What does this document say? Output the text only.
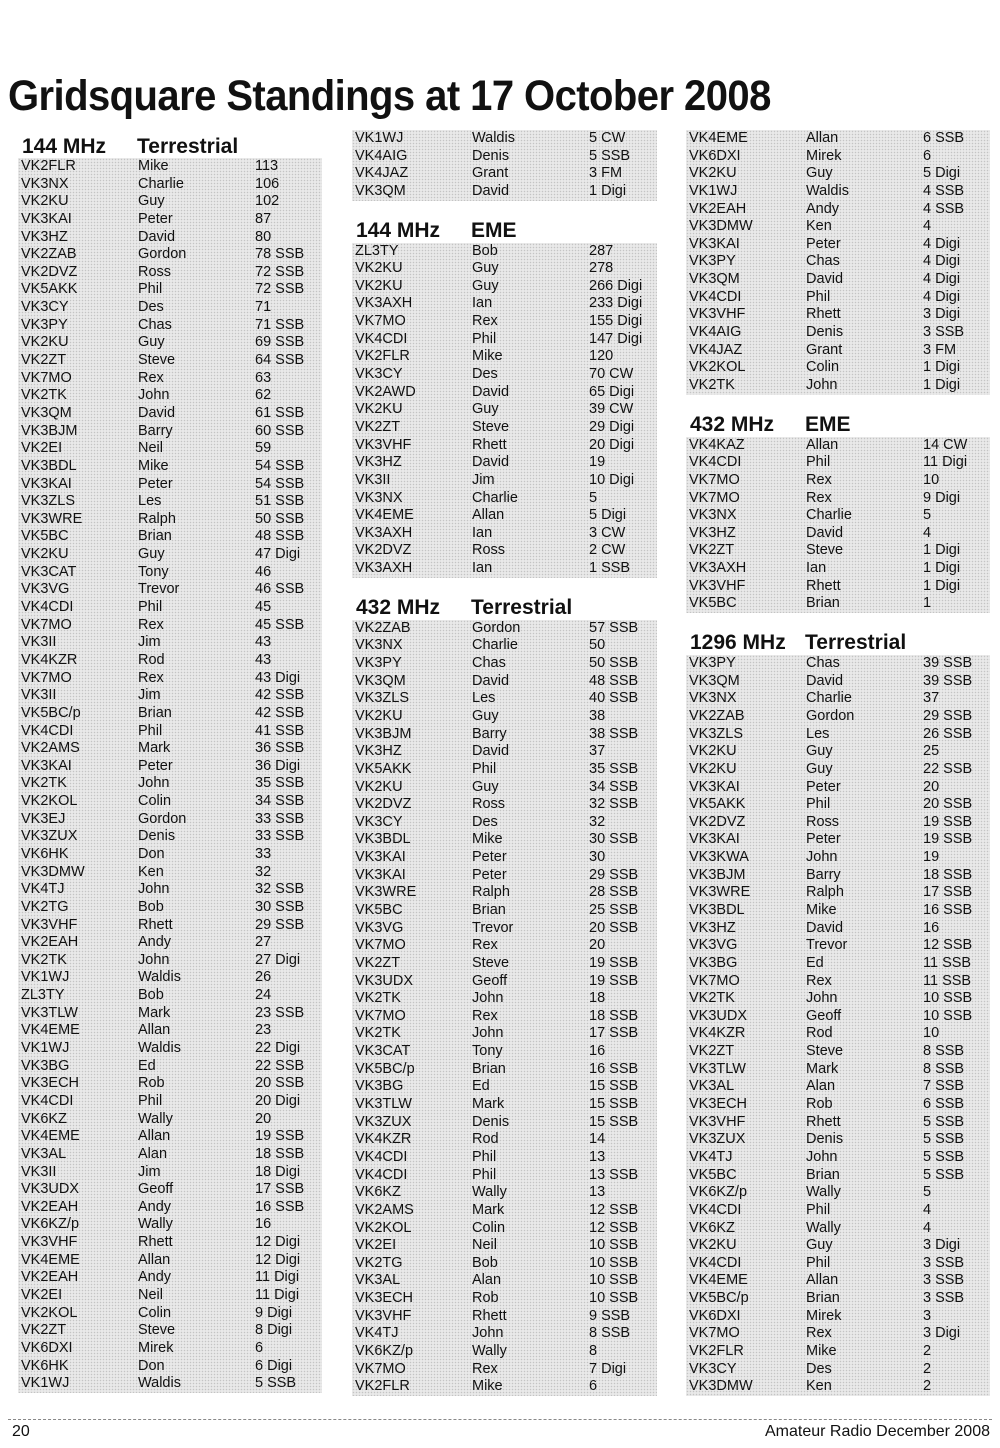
Gridsquare Standings at 17 October 2008
144 MHz Terrestrial
VK2FLR	Mike	113
VK3NX	Charlie	106
VK2KU	Guy	102
VK3KAI	Peter	87
VK3HZ	David	80
VK2ZAB	Gordon	78 SSB
VK2DVZ	Ross	72 SSB
VK5AKK	Phil	72 SSB
VK3CY	Des	71
VK3PY	Chas	71 SSB
VK2KU	Guy	69 SSB
VK2ZT	Steve	64 SSB
VK7MO	Rex	63
VK2TK	John	62
VK3QM	David	61 SSB
VK3BJM	Barry	60 SSB
VK2EI	Neil	59
VK3BDL	Mike	54 SSB
VK3KAI	Peter	54 SSB
VK3ZLS	Les	51 SSB
VK3WRE	Ralph	50 SSB
VK5BC	Brian	48 SSB
VK2KU	Guy	47 Digi
VK3CAT	Tony	46
VK3VG	Trevor	46 SSB
VK4CDI	Phil	45
VK7MO	Rex	45 SSB
VK3II	Jim	43
VK4KZR	Rod	43
VK7MO	Rex	43 Digi
VK3II	Jim	42 SSB
VK5BC/p	Brian	42 SSB
VK4CDI	Phil	41 SSB
VK2AMS	Mark	36 SSB
VK3KAI	Peter	36 Digi
VK2TK	John	35 SSB
VK2KOL	Colin	34 SSB
VK3EJ	Gordon	33 SSB
VK3ZUX	Denis	33 SSB
VK6HK	Don	33
VK3DMW	Ken	32
VK4TJ	John	32 SSB
VK2TG	Bob	30 SSB
VK3VHF	Rhett	29 SSB
VK2EAH	Andy	27
VK2TK	John	27 Digi
VK1WJ	Waldis	26
ZL3TY	Bob	24
VK3TLW	Mark	23 SSB
VK4EME	Allan	23
VK1WJ	Waldis	22 Digi
VK3BG	Ed	22 SSB
VK3ECH	Rob	20 SSB
VK4CDI	Phil	20 Digi
VK6KZ	Wally	20
VK4EME	Allan	19 SSB
VK3AL	Alan	18 SSB
VK3II	Jim	18 Digi
VK3UDX	Geoff	17 SSB
VK2EAH	Andy	16 SSB
VK6KZ/p	Wally	16
VK3VHF	Rhett	12 Digi
VK4EME	Allan	12 Digi
VK2EAH	Andy	11 Digi
VK2EI	Neil	11 Digi
VK2KOL	Colin	9 Digi
VK2ZT	Steve	8 Digi
VK6DXI	Mirek	6
VK6HK	Don	6 Digi
VK1WJ	Waldis	5 SSB
VK1WJ	Waldis	5 CW
VK4AIG	Denis	5 SSB
VK4JAZ	Grant	3 FM
VK3QM	David	1 Digi
144 MHz EME
ZL3TY	Bob	287
VK2KU	Guy	278
VK2KU	Guy	266 Digi
VK3AXH	Ian	233 Digi
VK7MO	Rex	155 Digi
VK4CDI	Phil	147 Digi
VK2FLR	Mike	120
VK3CY	Des	70 CW
VK2AWD	David	65 Digi
VK2KU	Guy	39 CW
VK2ZT	Steve	29 Digi
VK3VHF	Rhett	20 Digi
VK3HZ	David	19
VK3II	Jim	10 Digi
VK3NX	Charlie	5
VK4EME	Allan	5 Digi
VK3AXH	Ian	3 CW
VK2DVZ	Ross	2 CW
VK3AXH	Ian	1 SSB
432 MHz Terrestrial
VK2ZAB	Gordon	57 SSB
VK3NX	Charlie	50
VK3PY	Chas	50 SSB
VK3QM	David	48 SSB
VK3ZLS	Les	40 SSB
VK2KU	Guy	38
VK3BJM	Barry	38 SSB
VK3HZ	David	37
VK5AKK	Phil	35 SSB
VK2KU	Guy	34 SSB
VK2DVZ	Ross	32 SSB
VK3CY	Des	32
VK3BDL	Mike	30 SSB
VK3KAI	Peter	30
VK3KAI	Peter	29 SSB
VK3WRE	Ralph	28 SSB
VK5BC	Brian	25 SSB
VK3VG	Trevor	20 SSB
VK7MO	Rex	20
VK2ZT	Steve	19 SSB
VK3UDX	Geoff	19 SSB
VK2TK	John	18
VK7MO	Rex	18 SSB
VK2TK	John	17 SSB
VK3CAT	Tony	16
VK5BC/p	Brian	16 SSB
VK3BG	Ed	15 SSB
VK3TLW	Mark	15 SSB
VK3ZUX	Denis	15 SSB
VK4KZR	Rod	14
VK4CDI	Phil	13
VK4CDI	Phil	13 SSB
VK6KZ	Wally	13
VK2AMS	Mark	12 SSB
VK2KOL	Colin	12 SSB
VK2EI	Neil	10 SSB
VK2TG	Bob	10 SSB
VK3AL	Alan	10 SSB
VK3ECH	Rob	10 SSB
VK3VHF	Rhett	9 SSB
VK4TJ	John	8 SSB
VK6KZ/p	Wally	8
VK7MO	Rex	7 Digi
VK2FLR	Mike	6
VK4EME	Allan	6 SSB
VK6DXI	Mirek	6
VK2KU	Guy	5 Digi
VK1WJ	Waldis	4 SSB
VK2EAH	Andy	4 SSB
VK3DMW	Ken	4
VK3KAI	Peter	4 Digi
VK3PY	Chas	4 Digi
VK3QM	David	4 Digi
VK4CDI	Phil	4 Digi
VK3VHF	Rhett	3 Digi
VK4AIG	Denis	3 SSB
VK4JAZ	Grant	3 FM
VK2KOL	Colin	1 Digi
VK2TK	John	1 Digi
432 MHz EME
VK4KAZ	Allan	14 CW
VK4CDI	Phil	11 Digi
VK7MO	Rex	10
VK7MO	Rex	9 Digi
VK3NX	Charlie	5
VK3HZ	David	4
VK2ZT	Steve	1 Digi
VK3AXH	Ian	1 Digi
VK3VHF	Rhett	1 Digi
VK5BC	Brian	1
1296 MHz Terrestrial
VK3PY	Chas	39 SSB
VK3QM	David	39 SSB
VK3NX	Charlie	37
VK2ZAB	Gordon	29 SSB
VK3ZLS	Les	26 SSB
VK2KU	Guy	25
VK2KU	Guy	22 SSB
VK3KAI	Peter	20
VK5AKK	Phil	20 SSB
VK2DVZ	Ross	19 SSB
VK3KAI	Peter	19 SSB
VK3KWA	John	19
VK3BJM	Barry	18 SSB
VK3WRE	Ralph	17 SSB
VK3BDL	Mike	16 SSB
VK3HZ	David	16
VK3VG	Trevor	12 SSB
VK3BG	Ed	11 SSB
VK7MO	Rex	11 SSB
VK2TK	John	10 SSB
VK3UDX	Geoff	10 SSB
VK4KZR	Rod	10
VK2ZT	Steve	8 SSB
VK3TLW	Mark	8 SSB
VK3AL	Alan	7 SSB
VK3ECH	Rob	6 SSB
VK3VHF	Rhett	5 SSB
VK3ZUX	Denis	5 SSB
VK4TJ	John	5 SSB
VK5BC	Brian	5 SSB
VK6KZ/p	Wally	5
VK4CDI	Phil	4
VK6KZ	Wally	4
VK2KU	Guy	3 Digi
VK4CDI	Phil	3 SSB
VK4EME	Allan	3 SSB
VK5BC/p	Brian	3 SSB
VK6DXI	Mirek	3
VK7MO	Rex	3 Digi
VK2FLR	Mike	2
VK3CY	Des	2
VK3DMW	Ken	2
20	Amateur Radio December 2008
